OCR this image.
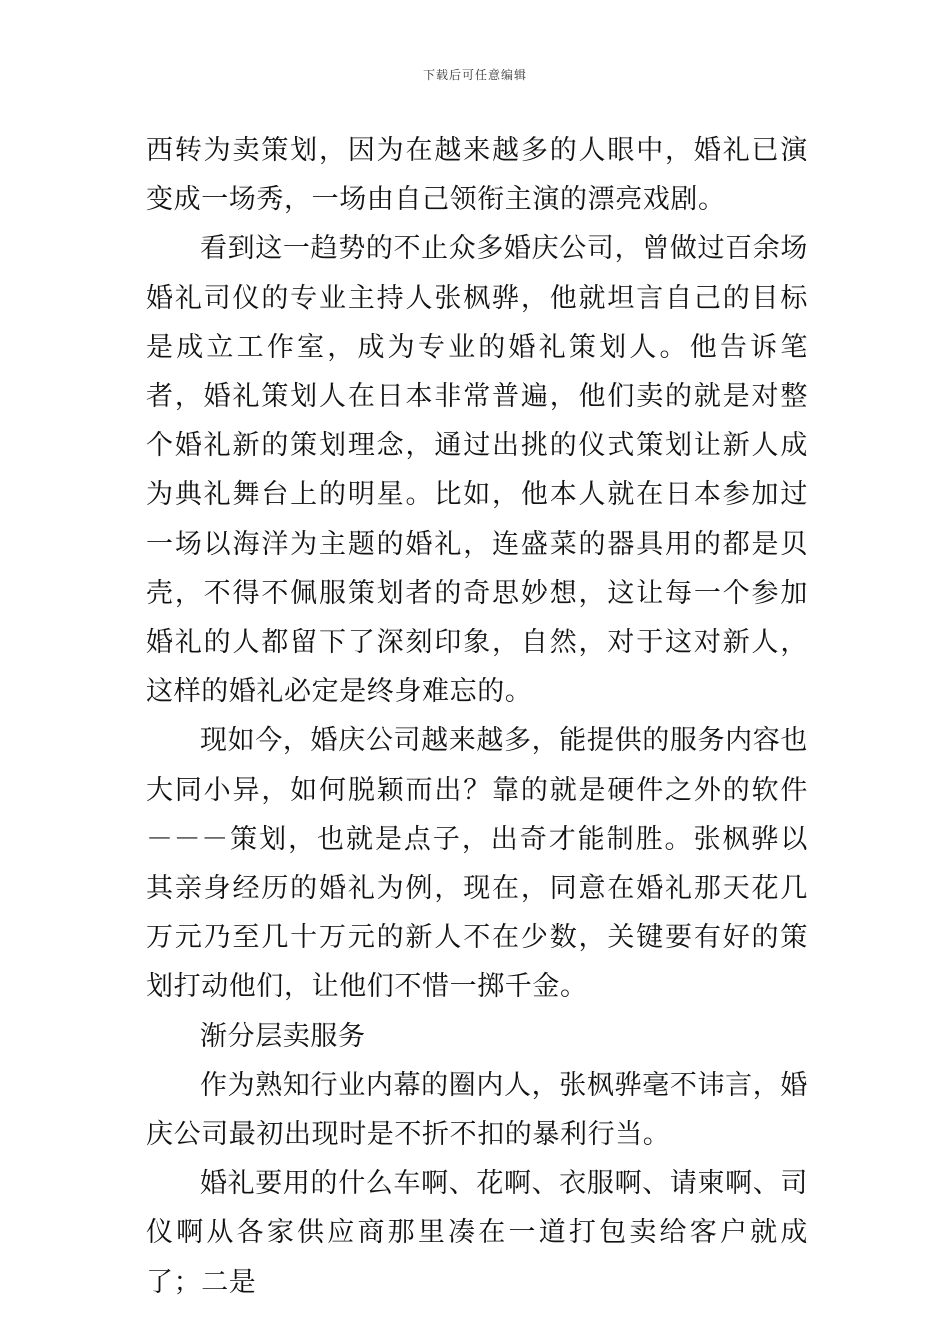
下载后可任意编辑

西转为卖策划，因为在越来越多的人眼中，婚礼已演变成一场秀，一场由自己领衔主演的漂亮戏剧。

看到这一趋势的不止众多婚庆公司，曾做过百余场婚礼司仪的专业主持人张枫骅，他就坦言自己的目标是成立工作室，成为专业的婚礼策划人。他告诉笔者，婚礼策划人在日本非常普遍，他们卖的就是对整个婚礼新的策划理念，通过出挑的仪式策划让新人成为典礼舞台上的明星。比如，他本人就在日本参加过一场以海洋为主题的婚礼，连盛菜的器具用的都是贝壳，不得不佩服策划者的奇思妙想，这让每一个参加婚礼的人都留下了深刻印象，自然，对于这对新人，这样的婚礼必定是终身难忘的。

现如今，婚庆公司越来越多，能提供的服务内容也大同小异，如何脱颖而出？靠的就是硬件之外的软件－－－策划，也就是点子，出奇才能制胜。张枫骅以其亲身经历的婚礼为例，现在，同意在婚礼那天花几万元乃至几十万元的新人不在少数，关键要有好的策划打动他们，让他们不惜一掷千金。

渐分层卖服务

作为熟知行业内幕的圈内人，张枫骅毫不讳言，婚庆公司最初出现时是不折不扣的暴利行当。

婚礼要用的什么车啊、花啊、衣服啊、请柬啊、司仪啊从各家供应商那里凑在一道打包卖给客户就成了；二是
